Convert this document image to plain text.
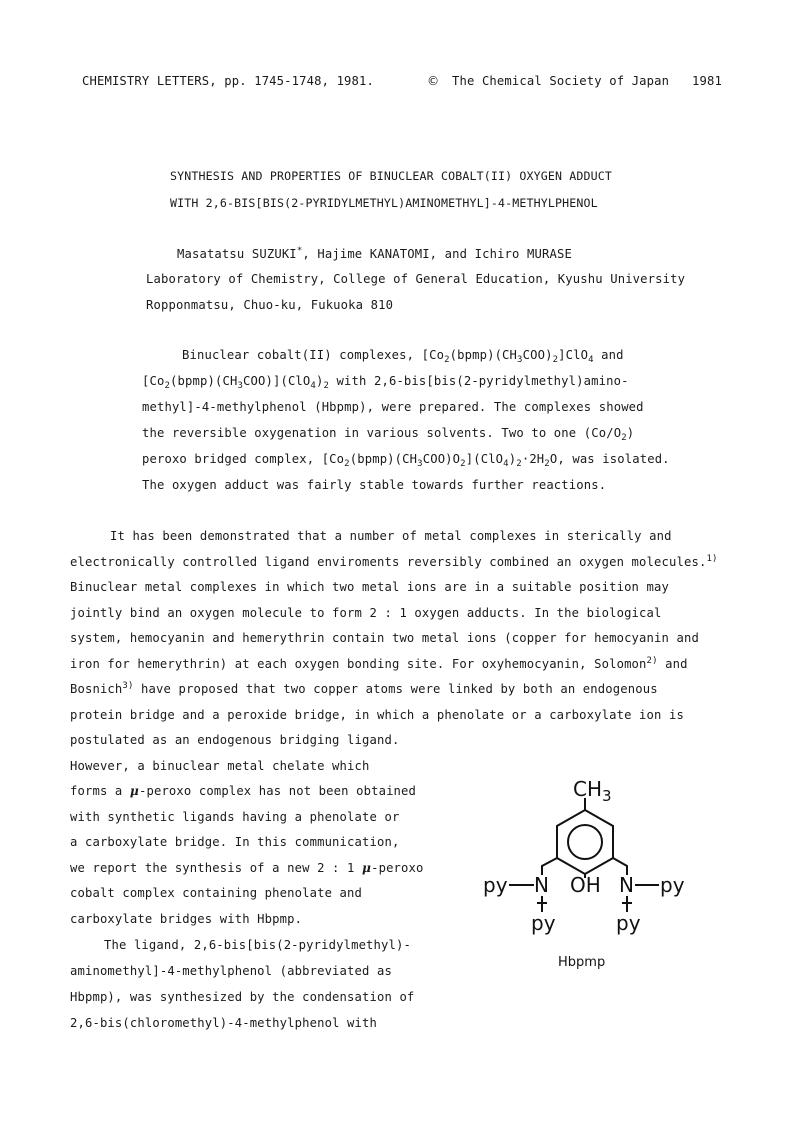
CHEMISTRY LETTERS, pp. 1745-1748, 1981.	© The Chemical Society of Japan 1981
SYNTHESIS AND PROPERTIES OF BINUCLEAR COBALT(II) OXYGEN ADDUCT
WITH 2,6-BIS[BIS(2-PYRIDYLMETHYL)AMINOMETHYL]-4-METHYLPHENOL
Masatatsu SUZUKI*, Hajime KANATOMI, and Ichiro MURASE
Laboratory of Chemistry, College of General Education, Kyushu University
Ropponmatsu, Chuo-ku, Fukuoka 810
Binuclear cobalt(II) complexes, $[Co_2(bpmp)(CH_3COO)_2]ClO_4$ and
$[Co_2(bpmp)(CH_3COO)](ClO_4)_2$ with 2,6-bis[bis(2-pyridylmethyl)amino-
methyl]-4-methylphenol (Hbpmp), were prepared. The complexes showed
the reversible oxygenation in various solvents. Two to one $(Co/O_2)$
peroxo bridged complex, $[Co_2(bpmp)(CH_3COO)O_2](ClO_4)_2\cdot 2H_2O$, was isolated.
The oxygen adduct was fairly stable towards further reactions.
It has been demonstrated that a number of metal complexes in sterically and
electronically controlled ligand enviroments reversibly combined an oxygen molecules.$^{1)}$
Binuclear metal complexes in which two metal ions are in a suitable position may
jointly bind an oxygen molecule to form 2 : 1 oxygen adducts. In the biological
system, hemocyanin and hemerythrin contain two metal ions (copper for hemocyanin and
iron for hemerythrin) at each oxygen bonding site. For oxyhemocyanin, Solomon$^{2)}$ and
Bosnich$^{3)}$ have proposed that two copper atoms were linked by both an endogenous
protein bridge and a peroxide bridge, in which a phenolate or a carboxylate ion is
postulated as an endogenous bridging ligand.
However, a binuclear metal chelate which
forms a μ-peroxo complex has not been obtained
with synthetic ligands having a phenolate or
a carboxylate bridge. In this communication,
we report the synthesis of a new 2 : 1 μ-peroxo
cobalt complex containing phenolate and
carboxylate bridges with Hbpmp.
The ligand, 2,6-bis[bis(2-pyridylmethyl)-
aminomethyl]-4-methylphenol (abbreviated as
Hbpmp), was synthesized by the condensation of
2,6-bis(chloromethyl)-4-methylphenol with
$CH_3$
py N OH N py
py	py
Hbpmp
